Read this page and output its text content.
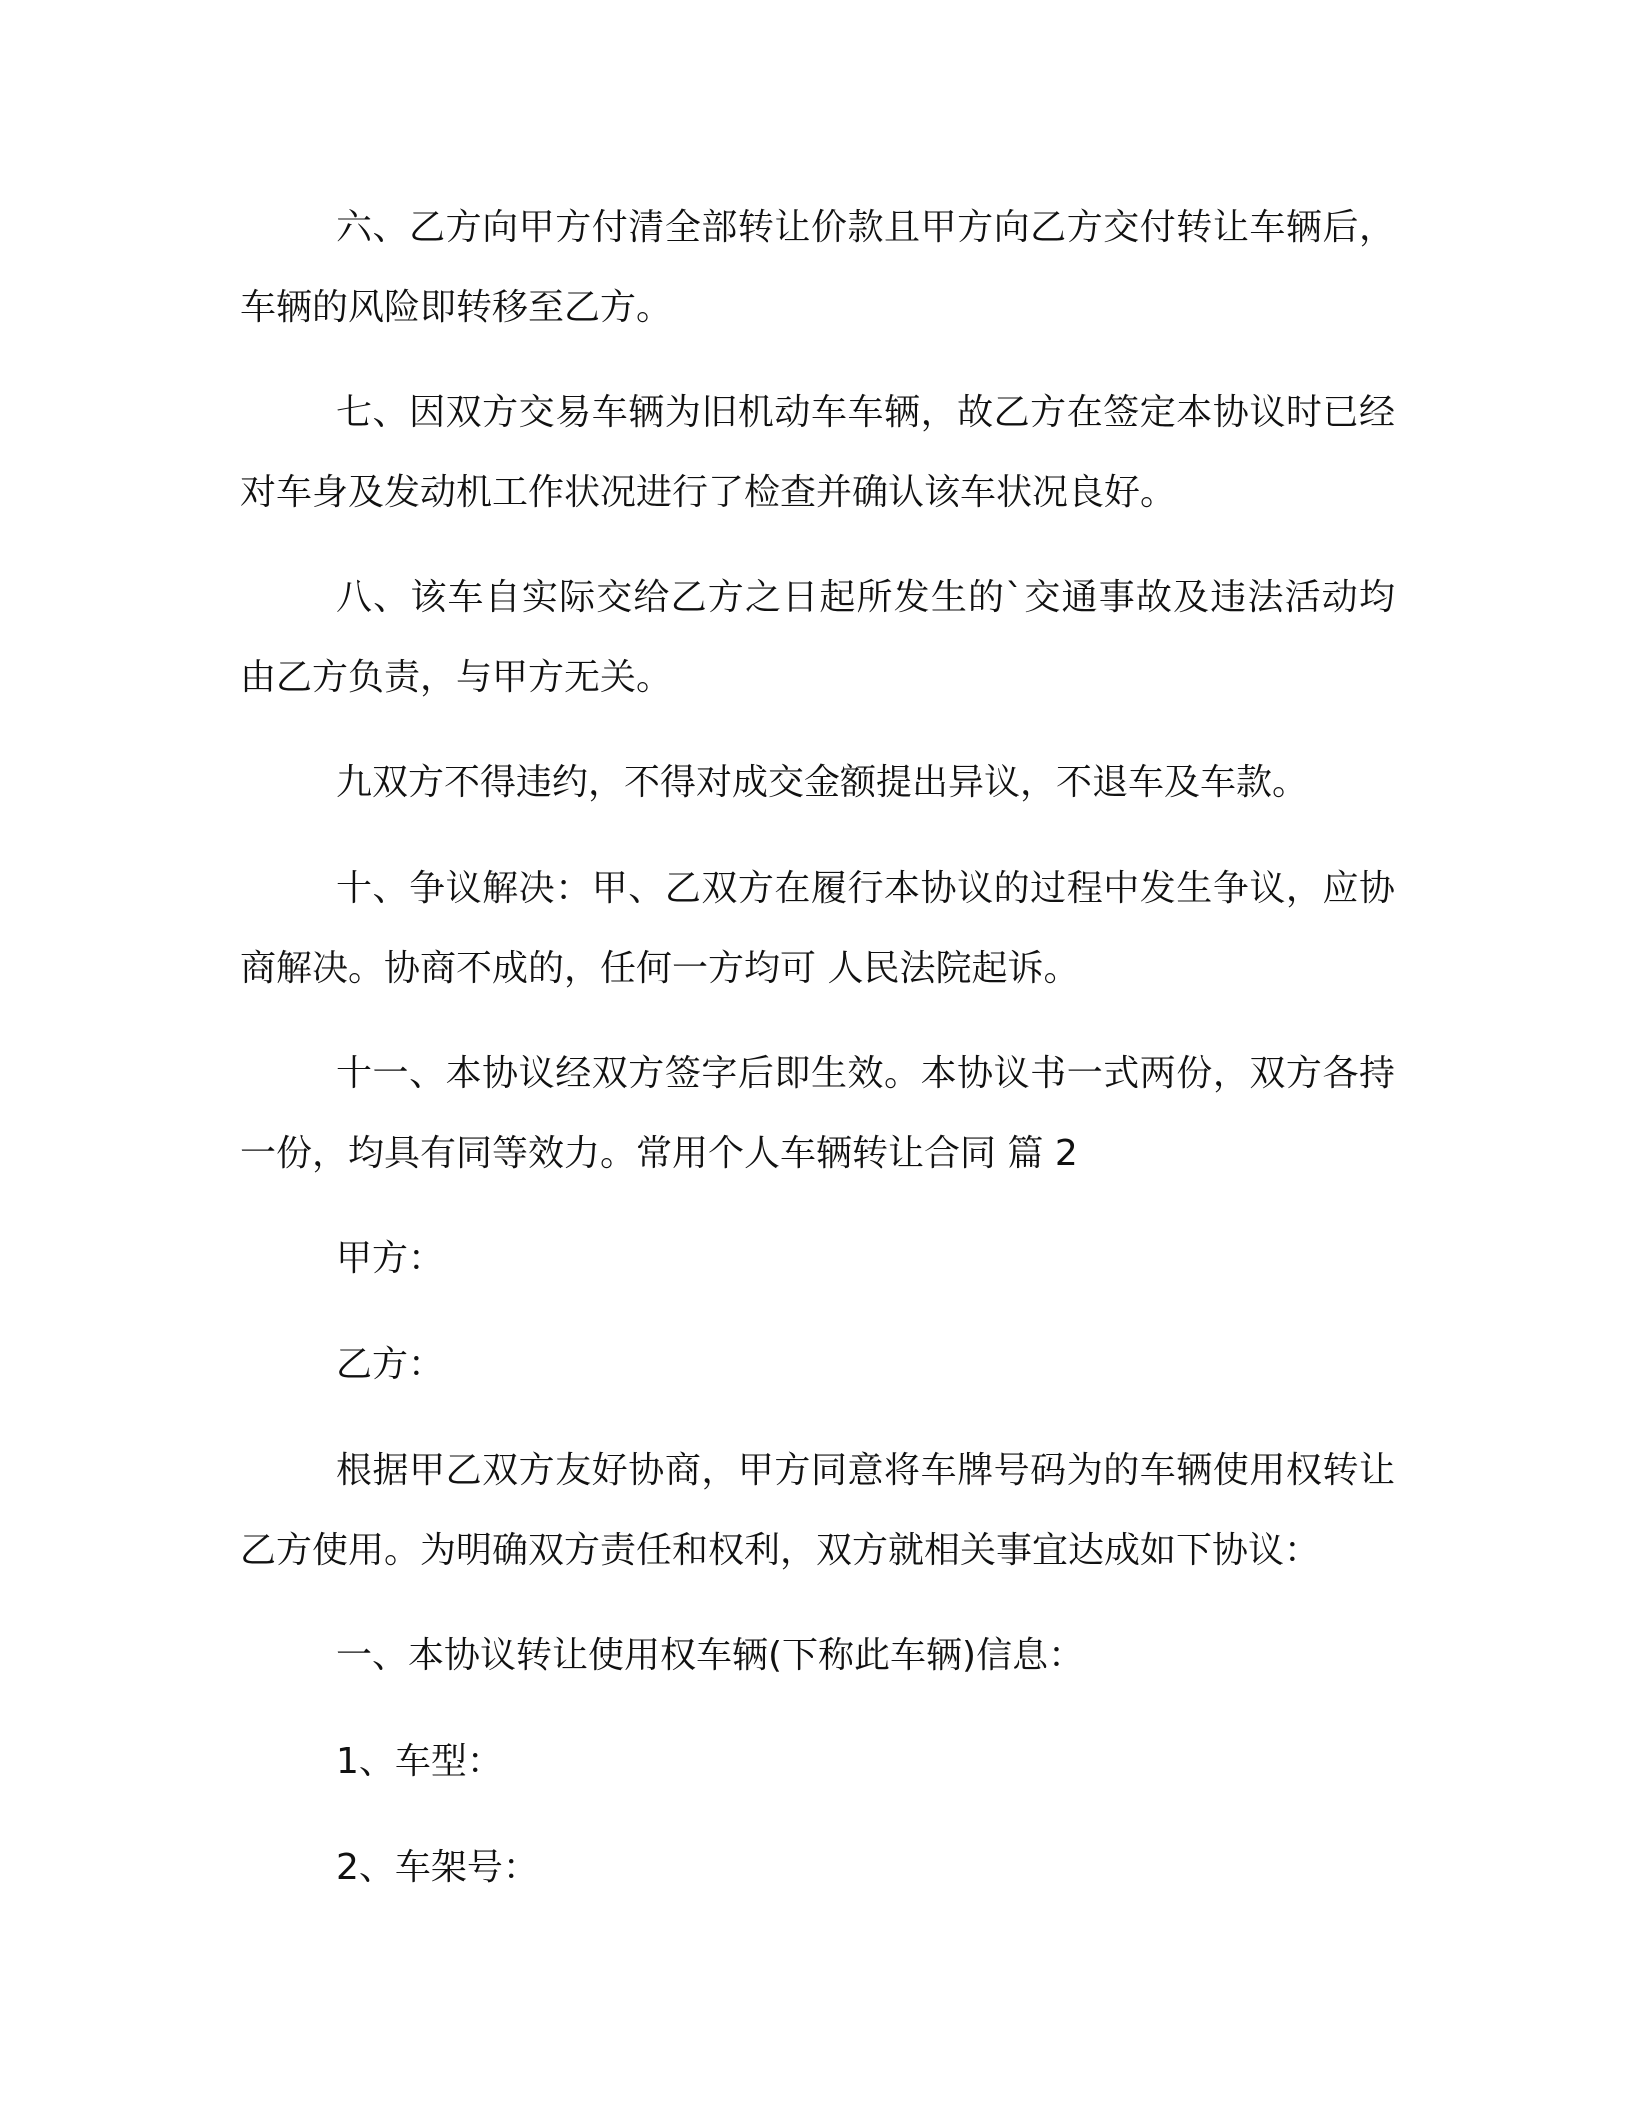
六、乙方向甲方付清全部转让价款且甲方向乙方交付转让车辆后，车辆的风险即转移至乙方。

七、因双方交易车辆为旧机动车车辆，故乙方在签定本协议时已经对车身及发动机工作状况进行了检查并确认该车状况良好。

八、该车自实际交给乙方之日起所发生的`交通事故及违法活动均由乙方负责，与甲方无关。

九双方不得违约，不得对成交金额提出异议，不退车及车款。

十、争议解决：甲、乙双方在履行本协议的过程中发生争议，应协商解决。协商不成的，任何一方均可 人民法院起诉。

十一、本协议经双方签字后即生效。本协议书一式两份，双方各持一份，均具有同等效力。常用个人车辆转让合同 篇 2

甲方：

乙方：

根据甲乙双方友好协商，甲方同意将车牌号码为的车辆使用权转让乙方使用。为明确双方责任和权利，双方就相关事宜达成如下协议：

一、本协议转让使用权车辆(下称此车辆)信息：

1、车型：

2、车架号：
